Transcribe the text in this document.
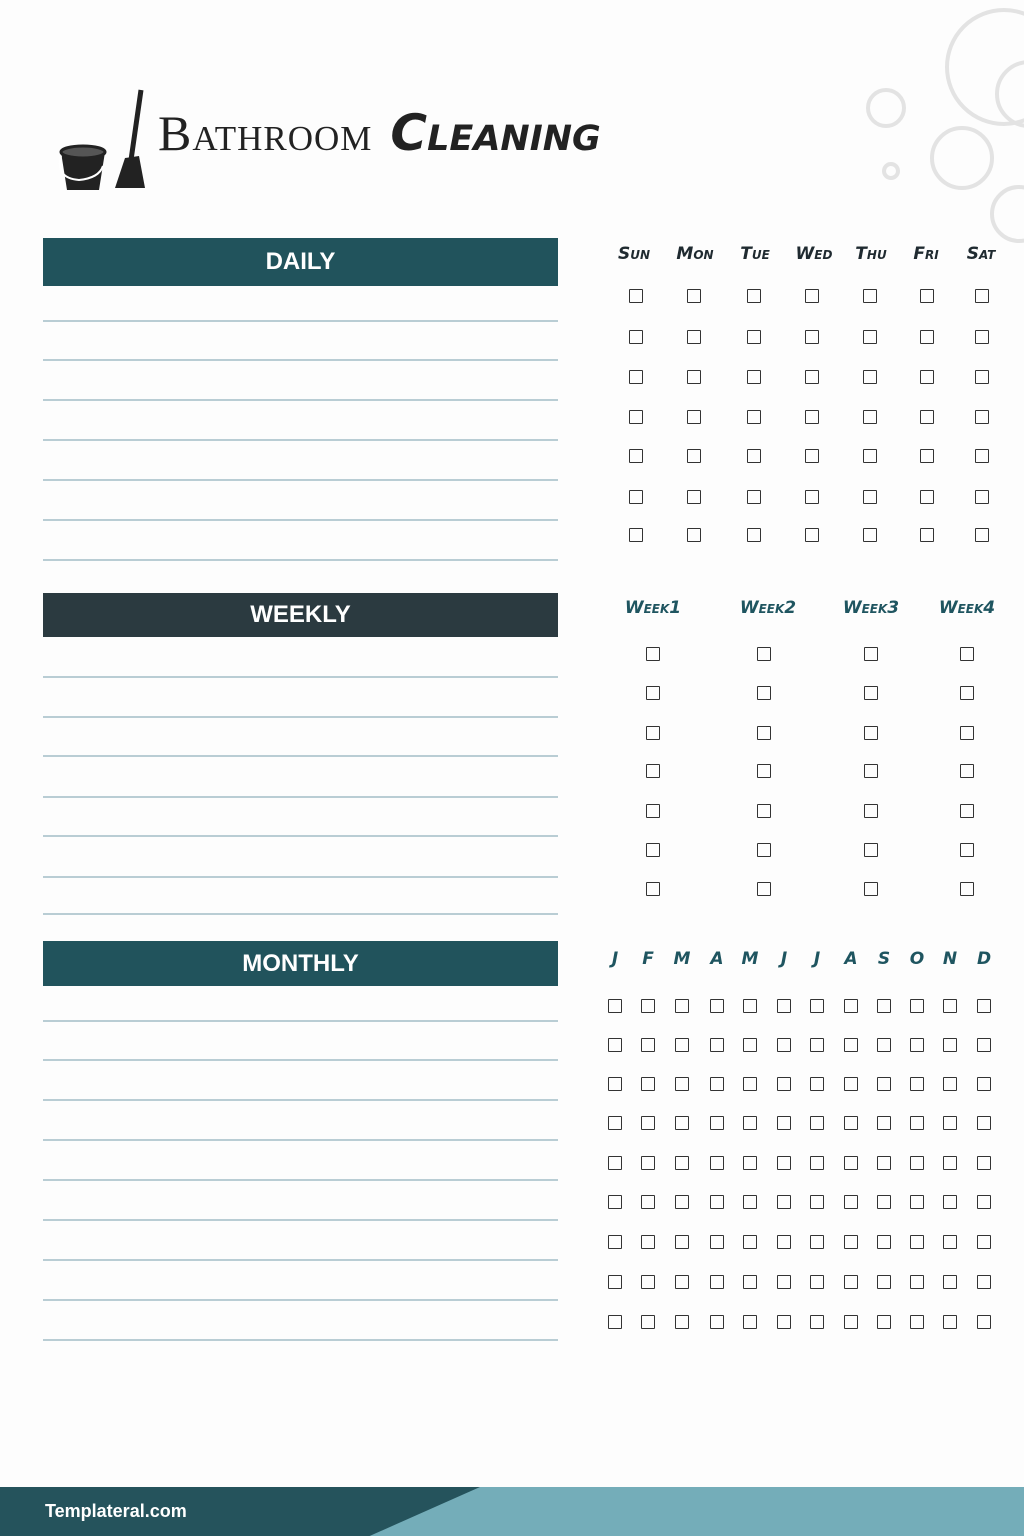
Bathroom Cleaning
DAILY
WEEKLY
MONTHLY
Templateral.com
Sun Mon Tue Wed Thu Fri Sat
Week1	Week2	Week3 Week4
J F M A M J J A S O N D
